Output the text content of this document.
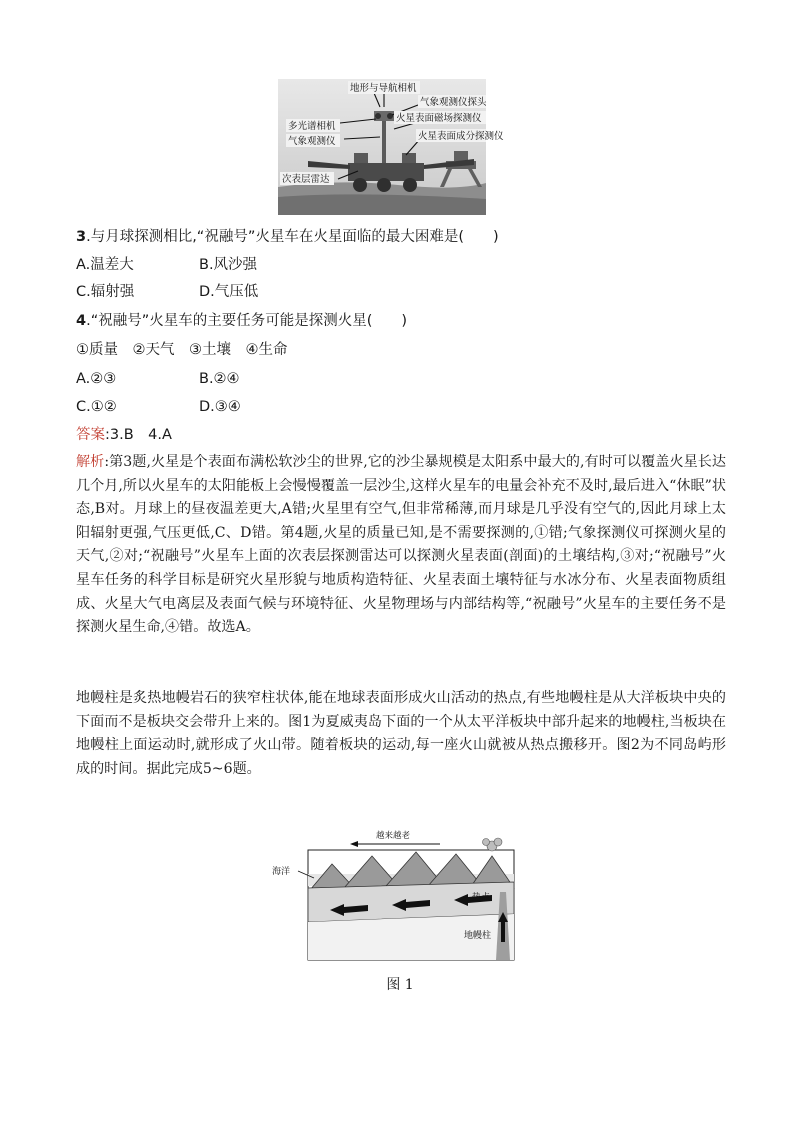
地形与导航相机
气象观测仪探头
多光谱相机
火星表面磁场探测仪
气象观测仪	火星表面成分探测仪
次表层雷达
3.与月球探测相比,“祝融号”火星车在火星面临的最大困难是(　　)
A.温差大	B.风沙强
C.辐射强	D.气压低
4.“祝融号”火星车的主要任务可能是探测火星(　　)
①质量　②天气　③土壤　④生命
A.②③	B.②④
C.①②	D.③④
答案:3.B　4.A
解析:第3题,火星是个表面布满松软沙尘的世界,它的沙尘暴规模是太阳系中最大的,有时可以覆盖火星长达几个月,所以火星车的太阳能板上会慢慢覆盖一层沙尘,这样火星车的电量会补充不及时,最后进入“休眠”状态,B对。月球上的昼夜温差更大,A错;火星里有空气,但非常稀薄,而月球是几乎没有空气的,因此月球上太阳辐射更强,气压更低,C、D错。第4题,火星的质量已知,是不需要探测的,①错;气象探测仪可探测火星的天气,②对;“祝融号”火星车上面的次表层探测雷达可以探测火星表面(剖面)的土壤结构,③对;“祝融号”火星车任务的科学目标是研究火星形貌与地质构造特征、火星表面土壤特征与水冰分布、火星表面物质组成、火星大气电离层及表面气候与环境特征、火星物理场与内部结构等,“祝融号”火星车的主要任务不是探测火星生命,④错。故选A。
地幔柱是炙热地幔岩石的狭窄柱状体,能在地球表面形成火山活动的热点,有些地幔柱是从大洋板块中央的下面而不是板块交会带升上来的。图1为夏威夷岛下面的一个从太平洋板块中部升起来的地幔柱,当板块在地幔柱上面运动时,就形成了火山带。随着板块的运动,每一座火山就被从热点搬移开。图2为不同岛屿形成的时间。据此完成5~6题。
越来越老
海洋
热点
地幔柱
图 1
